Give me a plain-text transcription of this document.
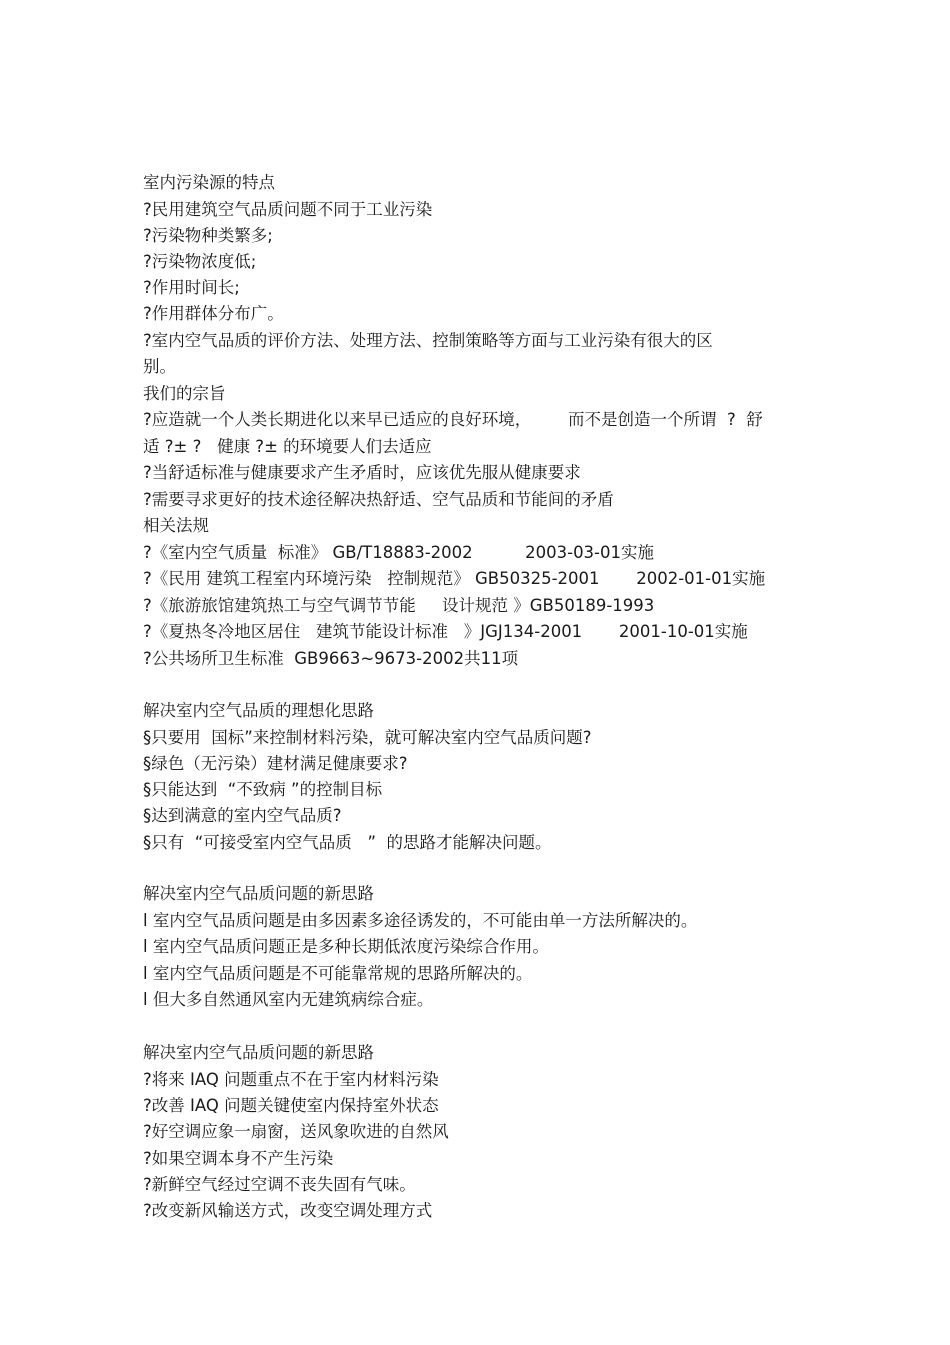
室内污染源的特点
?民用建筑空气品质问题不同于工业污染
?污染物种类繁多;
?污染物浓度低;
?作用时间长;
?作用群体分布广。
?室内空气品质的评价方法、处理方法、控制策略等方面与工业污染有很大的区
别。
我们的宗旨
?应造就一个人类长期进化以来早已适应的良好环境，       而不是创造一个所谓  ?  舒
适 ?± ?   健康 ?± 的环境要人们去适应
?当舒适标准与健康要求产生矛盾时，应该优先服从健康要求
?需要寻求更好的技术途径解决热舒适、空气品质和节能间的矛盾
相关法规
?《室内空气质量  标准》 GB/T18883-2002          2003-03-01实施
?《民用 建筑工程室内环境污染   控制规范》 GB50325-2001       2002-01-01实施
?《旅游旅馆建筑热工与空气调节节能     设计规范 》GB50189-1993
?《夏热冬冷地区居住   建筑节能设计标准   》JGJ134-2001       2001-10-01实施
?公共场所卫生标准  GB9663~9673-2002共11项
解决室内空气品质的理想化思路
§只要用  国标”来控制材料污染，就可解决室内空气品质问题?
§绿色（无污染）建材满足健康要求?
§只能达到  “不致病 ”的控制目标
§达到满意的室内空气品质?
§只有  “可接受室内空气品质   ”  的思路才能解决问题。
解决室内空气品质问题的新思路
l 室内空气品质问题是由多因素多途径诱发的，不可能由单一方法所解决的。
l 室内空气品质问题正是多种长期低浓度污染综合作用。
l 室内空气品质问题是不可能靠常规的思路所解决的。
l 但大多自然通风室内无建筑病综合症。
解决室内空气品质问题的新思路
?将来 IAQ 问题重点不在于室内材料污染
?改善 IAQ 问题关键使室内保持室外状态
?好空调应象一扇窗，送风象吹进的自然风
?如果空调本身不产生污染
?新鲜空气经过空调不丧失固有气味。
?改变新风输送方式，改变空调处理方式
